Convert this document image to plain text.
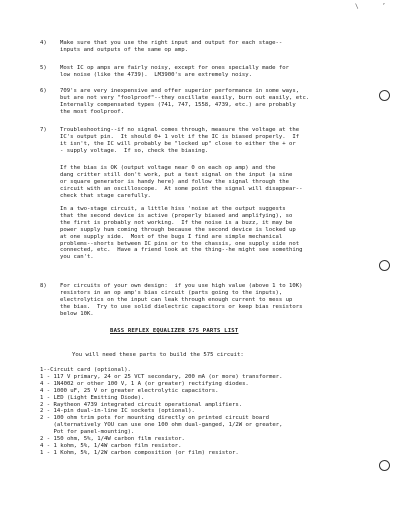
\	’
4)	Make sure that you use the right input and output for each stage--
inputs and outputs of the same op amp.
5)	Most IC op amps are fairly noisy, except for ones specially made for
low noise (like the 4739).  LM3900's are extremely noisy.
6)	709's are very inexpensive and offer superior performance in some ways,
but are not very "foolproof"--they oscillate easily, burn out easily, etc.
Internally compensated types (741, 747, 1558, 4739, etc.) are probably
the most foolproof.
7)	Troubleshooting--if no signal comes through, measure the voltage at the
IC's output pin.  It should 0+ 1 volt if the IC is biased properly.  If
it isn't, the IC will probably be "locked up" close to either the + or
- supply voltage.  If so, check the biasing.
If the bias is OK (output voltage near 0 on each op amp) and the
dang critter still don't work, put a test signal on the input (a sine
or square generator is handy here) and follow the signal through the
circuit with an oscilloscope.  At some point the signal will disappear--
check that stage carefully.
In a two-stage circuit, a little hiss 'noise at the output suggests
that the second device is active (properly biased and amplifying), so
the first is probably not working.  If the noise is a buzz, it may be
power supply hum coming through because the second device is locked up
at one supply side.  Most of the bugs I find are simple mechanical
problems--shorts between IC pins or to the chassis, one supply side not
connected, etc.  Have a friend look at the thing--he might see something
you can't.
8)	For circuits of your own design:  if you use high value (above 1 to 10K)
resistors in an op amp's bias circuit (parts going to the inputs),
electrolytics on the input can leak through enough current to mess up
the bias.  Try to use solid dielectric capacitors or keep bias resistors
below 10K.
BASS REFLEX EQUALIZER 575 PARTS LIST
You will need these parts to build the 575 circuit:

1--Circuit card (optional).

1 - 117 V primary, 24 or 25 VCT secondary, 200 mA (or more) transformer.

4 - 1N4002 or other 100 V, 1 A (or greater) rectifying diodes.

4 - 1000 uF, 25 V or greater electrolytic capacitors.

1 - LED (Light Emitting Diode).

2 - Raytheon 4739 integrated circuit operational amplifiers.

2 - 14-pin dual-in-line IC sockets (optional).

2 - 100 ohm trim pots for mounting directly on printed circuit board
(alternatively YOU can use one 100 ohm dual-ganged, 1/2W or greater,
Pot for panel-mounting).

2 - 150 ohm, 5%, 1/4W carbon film resistor.

4 - 1 kohm, 5%, 1/4W carbon film resistor.

1 - 1 Kohm, 5%, 1/2W carbon composition (or film) resistor.
